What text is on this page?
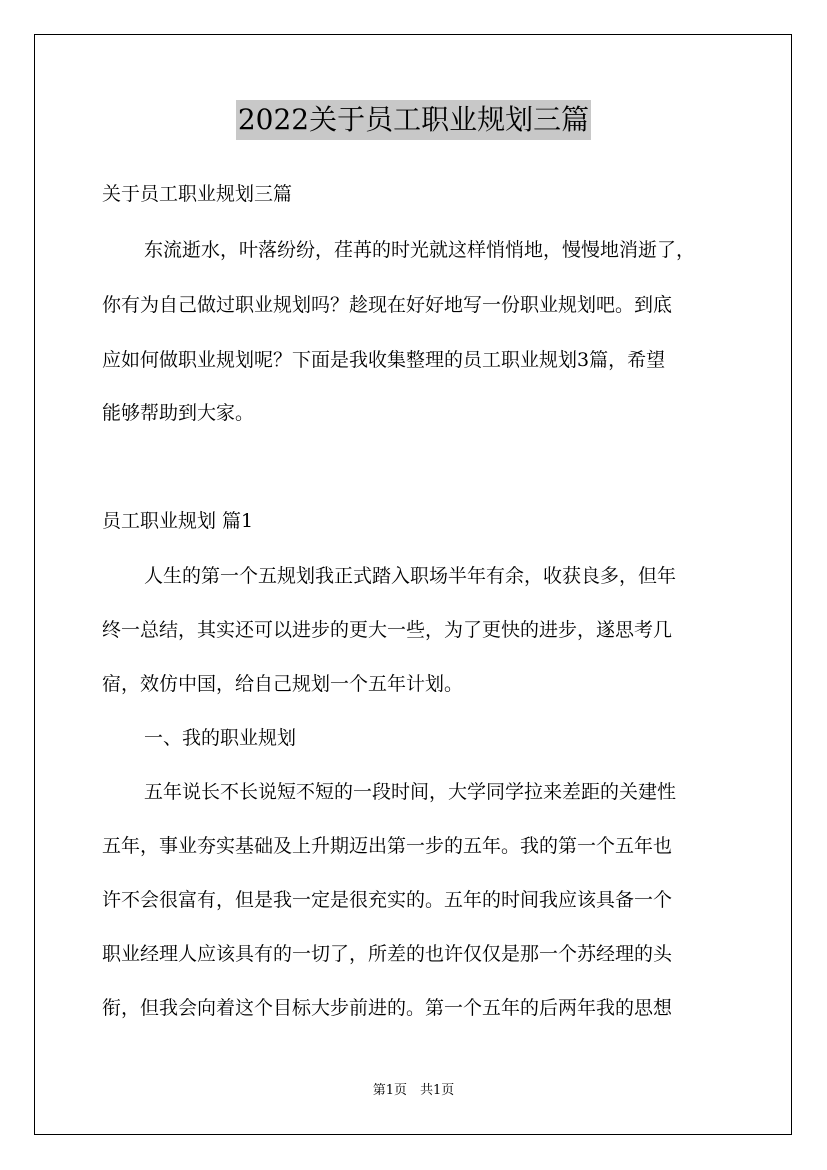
2022关于员工职业规划三篇
关于员工职业规划三篇
东流逝水，叶落纷纷，荏苒的时光就这样悄悄地，慢慢地消逝了，
你有为自己做过职业规划吗？趁现在好好地写一份职业规划吧。到底
应如何做职业规划呢？下面是我收集整理的员工职业规划3篇，希望
能够帮助到大家。
员工职业规划 篇1
人生的第一个五规划我正式踏入职场半年有余，收获良多，但年
终一总结，其实还可以进步的更大一些，为了更快的进步，遂思考几
宿，效仿中国，给自己规划一个五年计划。
一、我的职业规划
五年说长不长说短不短的一段时间，大学同学拉来差距的关建性
五年，事业夯实基础及上升期迈出第一步的五年。我的第一个五年也
许不会很富有，但是我一定是很充实的。五年的时间我应该具备一个
职业经理人应该具有的一切了，所差的也许仅仅是那一个苏经理的头
衔，但我会向着这个目标大步前进的。第一个五年的后两年我的思想
第1页　共1页
